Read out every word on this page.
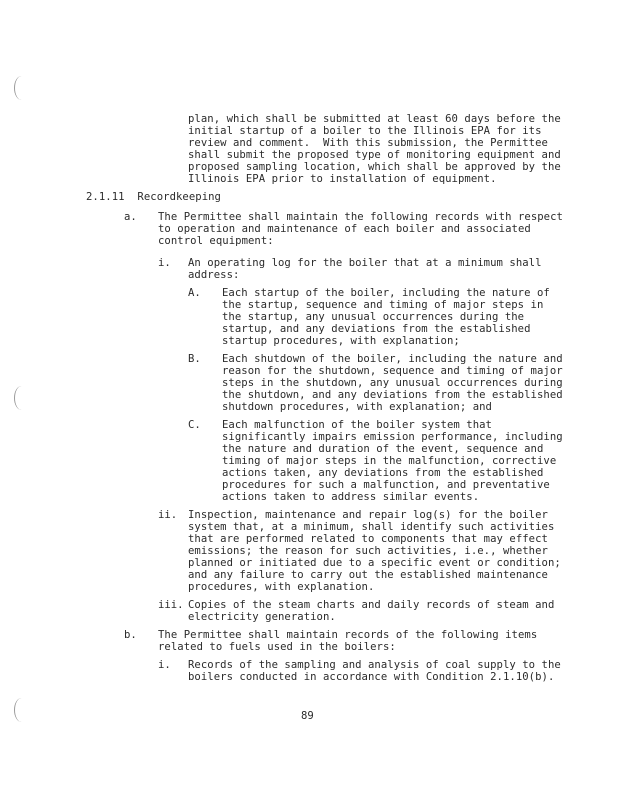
plan, which shall be submitted at least 60 days before the
initial startup of a boiler to the Illinois EPA for its
review and comment.  With this submission, the Permittee
shall submit the proposed type of monitoring equipment and
proposed sampling location, which shall be approved by the
Illinois EPA prior to installation of equipment.
2.1.11  Recordkeeping
a. The Permittee shall maintain the following records with respect
to operation and maintenance of each boiler and associated
control equipment:
i. An operating log for the boiler that at a minimum shall
address:
A. Each startup of the boiler, including the nature of
the startup, sequence and timing of major steps in
the startup, any unusual occurrences during the
startup, and any deviations from the established
startup procedures, with explanation;
B. Each shutdown of the boiler, including the nature and
reason for the shutdown, sequence and timing of major
steps in the shutdown, any unusual occurrences during
the shutdown, and any deviations from the established
shutdown procedures, with explanation; and
C. Each malfunction of the boiler system that
significantly impairs emission performance, including
the nature and duration of the event, sequence and
timing of major steps in the malfunction, corrective
actions taken, any deviations from the established
procedures for such a malfunction, and preventative
actions taken to address similar events.
ii. Inspection, maintenance and repair log(s) for the boiler
system that, at a minimum, shall identify such activities
that are performed related to components that may effect
emissions; the reason for such activities, i.e., whether
planned or initiated due to a specific event or condition;
and any failure to carry out the established maintenance
procedures, with explanation.
iii. Copies of the steam charts and daily records of steam and
electricity generation.
b. The Permittee shall maintain records of the following items
related to fuels used in the boilers:
i. Records of the sampling and analysis of coal supply to the
boilers conducted in accordance with Condition 2.1.10(b).
89
